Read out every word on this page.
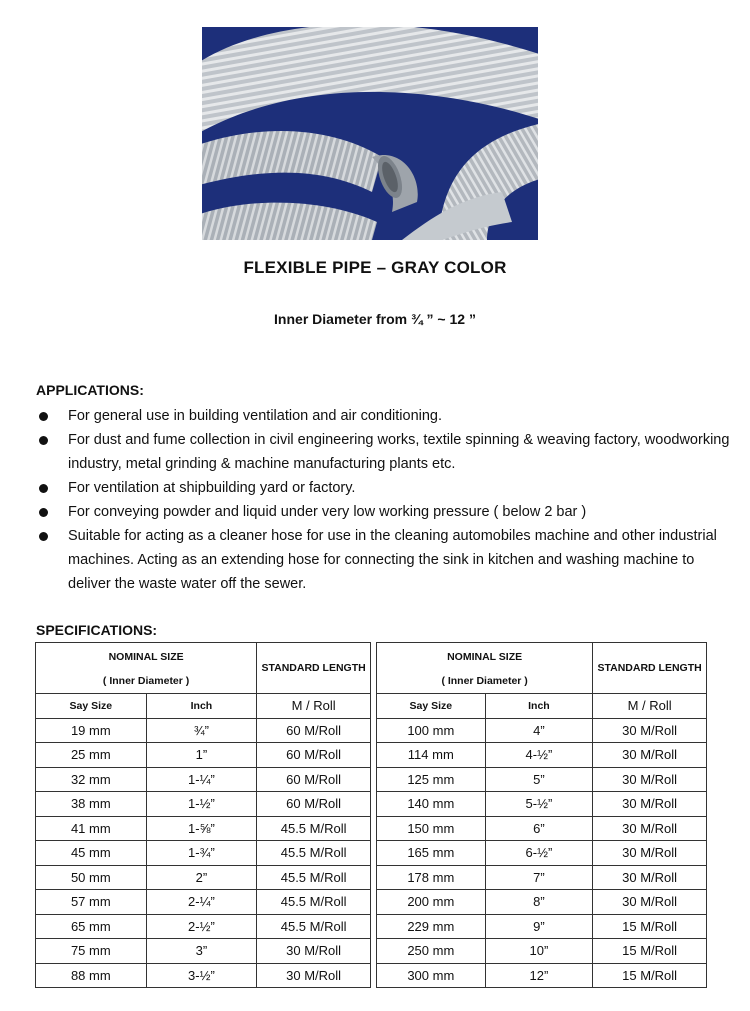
FLEXIBLE PIPE – GRAY COLOR
Inner Diameter from ¾ ” ~ 12 ”
APPLICATIONS:
For general use in building ventilation and air conditioning.
For dust and fume collection in civil engineering works, textile spinning & weaving factory, woodworking industry, metal grinding & machine manufacturing plants etc.
For ventilation at shipbuilding yard or factory.
For conveying powder and liquid under very low working pressure ( below 2 bar )
Suitable for acting as a cleaner hose for use in the cleaning automobiles machine and other industrial machines. Acting as an extending hose for connecting the sink in kitchen and washing machine to deliver the waste water off the sewer.
SPECIFICATIONS:
NOMINAL SIZE
( Inner Diameter )		STANDARD LENGTH

Say Size	Inch	M / Roll
19 mm	¾”	60 M/Roll
25 mm	1”	60 M/Roll
32 mm	1-¼”	60 M/Roll
38 mm	1-½”	60 M/Roll
41 mm	1-⅝”	45.5 M/Roll
45 mm	1-¾”	45.5 M/Roll
50 mm	2”	45.5 M/Roll
57 mm	2-¼”	45.5 M/Roll
65 mm	2-½”	45.5 M/Roll
75 mm	3”	30 M/Roll
88 mm	3-½”	30 M/Roll
NOMINAL SIZE
( Inner Diameter )		STANDARD LENGTH

Say Size	Inch	M / Roll
100 mm	4”	30 M/Roll
114 mm	4-½”	30 M/Roll
125 mm	5”	30 M/Roll
140 mm	5-½”	30 M/Roll
150 mm	6”	30 M/Roll
165 mm	6-½”	30 M/Roll
178 mm	7”	30 M/Roll
200 mm	8”	30 M/Roll
229 mm	9”	15 M/Roll
250 mm	10”	15 M/Roll
300 mm	12”	15 M/Roll
